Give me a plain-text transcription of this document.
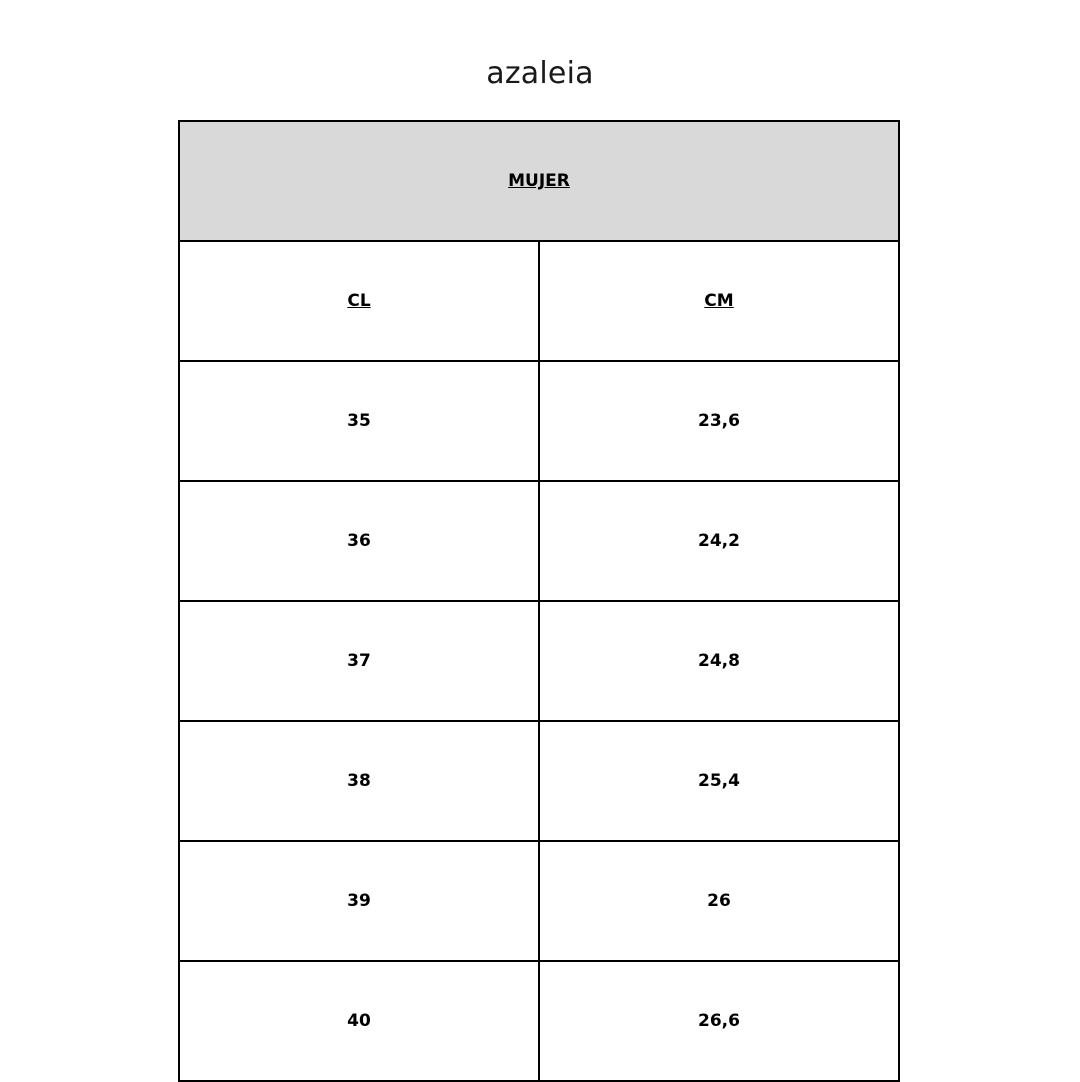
azaleia
MUJER	
CL	CM
35	23,6
36	24,2
37	24,8
38	25,4
39	26
40	26,6
